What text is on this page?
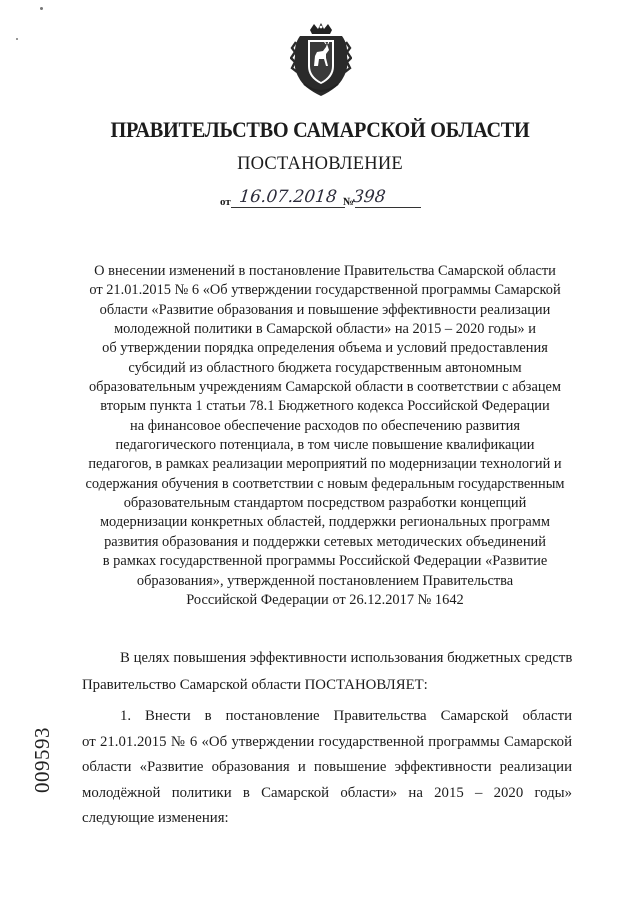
ПРАВИТЕЛЬСТВО САМАРСКОЙ ОБЛАСТИ
ПОСТАНОВЛЕНИЕ
от 16.07.2018 №
398
О внесении изменений в постановление Правительства Самарской области
от 21.01.2015 № 6 «Об утверждении государственной программы Самарской
области «Развитие образования и повышение эффективности реализации
молодежной политики в Самарской области» на 2015 – 2020 годы» и
об утверждении порядка определения объема и условий предоставления
субсидий из областного бюджета государственным автономным
образовательным учреждениям Самарской области в соответствии с абзацем
вторым пункта 1 статьи 78.1 Бюджетного кодекса Российской Федерации
на финансовое обеспечение расходов по обеспечению развития
педагогического потенциала, в том числе повышение квалификации
педагогов, в рамках реализации мероприятий по модернизации технологий и
содержания обучения в соответствии с новым федеральным государственным
образовательным стандартом посредством разработки концепций
модернизации конкретных областей, поддержки региональных программ
развития образования и поддержки сетевых методических объединений
в рамках государственной программы Российской Федерации «Развитие
образования», утвержденной постановлением Правительства
Российской Федерации от 26.12.2017 № 1642
В целях повышения эффективности использования бюджетных средств
Правительство Самарской области ПОСТАНОВЛЯЕТ:
1. Внести в постановление Правительства Самарской области
от 21.01.2015 № 6 «Об утверждении государственной программы Самарской
области «Развитие образования и повышение эффективности реализации
молодёжной политики в Самарской области» на 2015 – 2020 годы»
следующие изменения:
009593
